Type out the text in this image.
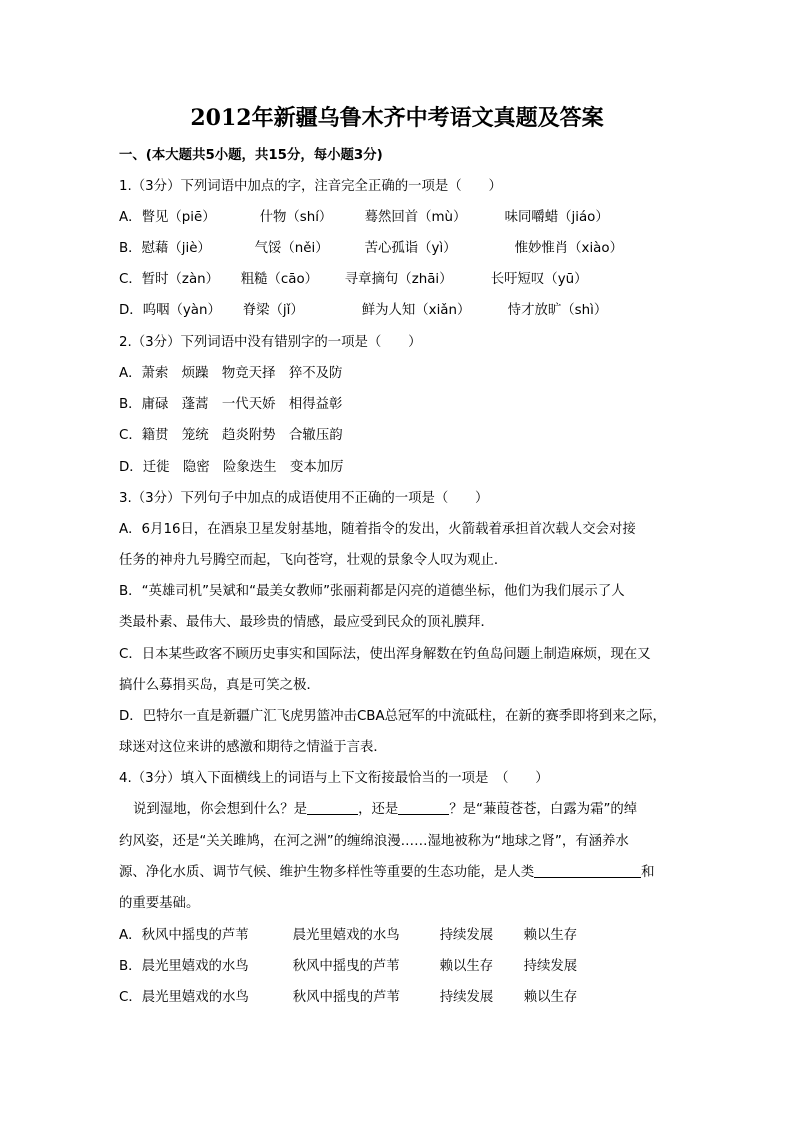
2012年新疆乌鲁木齐中考语文真题及答案
一、(本大题共5小题，共15分，每小题3分)
1.（3分）下列词语中加点的字，注音完全正确的一项是（　　）
A．瞥见（piē）	什物（shí） 蓦然回首（mù）	味同嚼蜡（jiáo）
B．慰藉（jiè）	气馁（něi）	苦心孤诣（yì）	惟妙惟肖（xiào）
C．暂时（zàn） 粗糙（cāo） 寻章摘句（zhāi）	长吁短叹（yū）
D．呜咽（yàn） 脊梁（jǐ）	鲜为人知（xiǎn）	恃才放旷（shì）
2.（3分）下列词语中没有错别字的一项是（　　）
A．萧索　烦躁　物竞天择　猝不及防
B．庸碌　蓬蒿　一代天娇　相得益彰
C．籍贯　笼统　趋炎附势　合辙压韵
D．迁徙　隐密　险象迭生　变本加厉
3.（3分）下列句子中加点的成语使用不正确的一项是（　　）
A．6月16日，在酒泉卫星发射基地，随着指令的发出，火箭载着承担首次载人交会对接
任务的神舟九号腾空而起，飞向苍穹，壮观的景象令人叹为观止．
B．“英雄司机”吴斌和“最美女教师”张丽莉都是闪亮的道德坐标，他们为我们展示了人
类最朴素、最伟大、最珍贵的情感，最应受到民众的顶礼膜拜．
C．日本某些政客不顾历史事实和国际法，使出浑身解数在钓鱼岛问题上制造麻烦，现在又
搞什么募捐买岛，真是可笑之极．
D．巴特尔一直是新疆广汇飞虎男篮冲击CBA总冠军的中流砥柱，在新的赛季即将到来之际，
球迷对这位来讲的感激和期待之情溢于言表．
4.（3分）填入下面横线上的词语与上下文衔接最恰当的一项是　（　　）
说到湿地，你会想到什么？是	，还是	？是“蒹葭苍苍，白露为霜”的绰
约风姿，还是“关关雎鸠，在河之洲”的缠绵浪漫……湿地被称为“地球之肾”，有涵养水
源、净化水质、调节气候、维护生物多样性等重要的生态功能，是人类	和
的重要基础。
A．秋风中摇曳的芦苇	晨光里嬉戏的水鸟	持续发展 赖以生存
B．晨光里嬉戏的水鸟	秋风中摇曳的芦苇	赖以生存 持续发展
C．晨光里嬉戏的水鸟	秋风中摇曳的芦苇	持续发展 赖以生存
